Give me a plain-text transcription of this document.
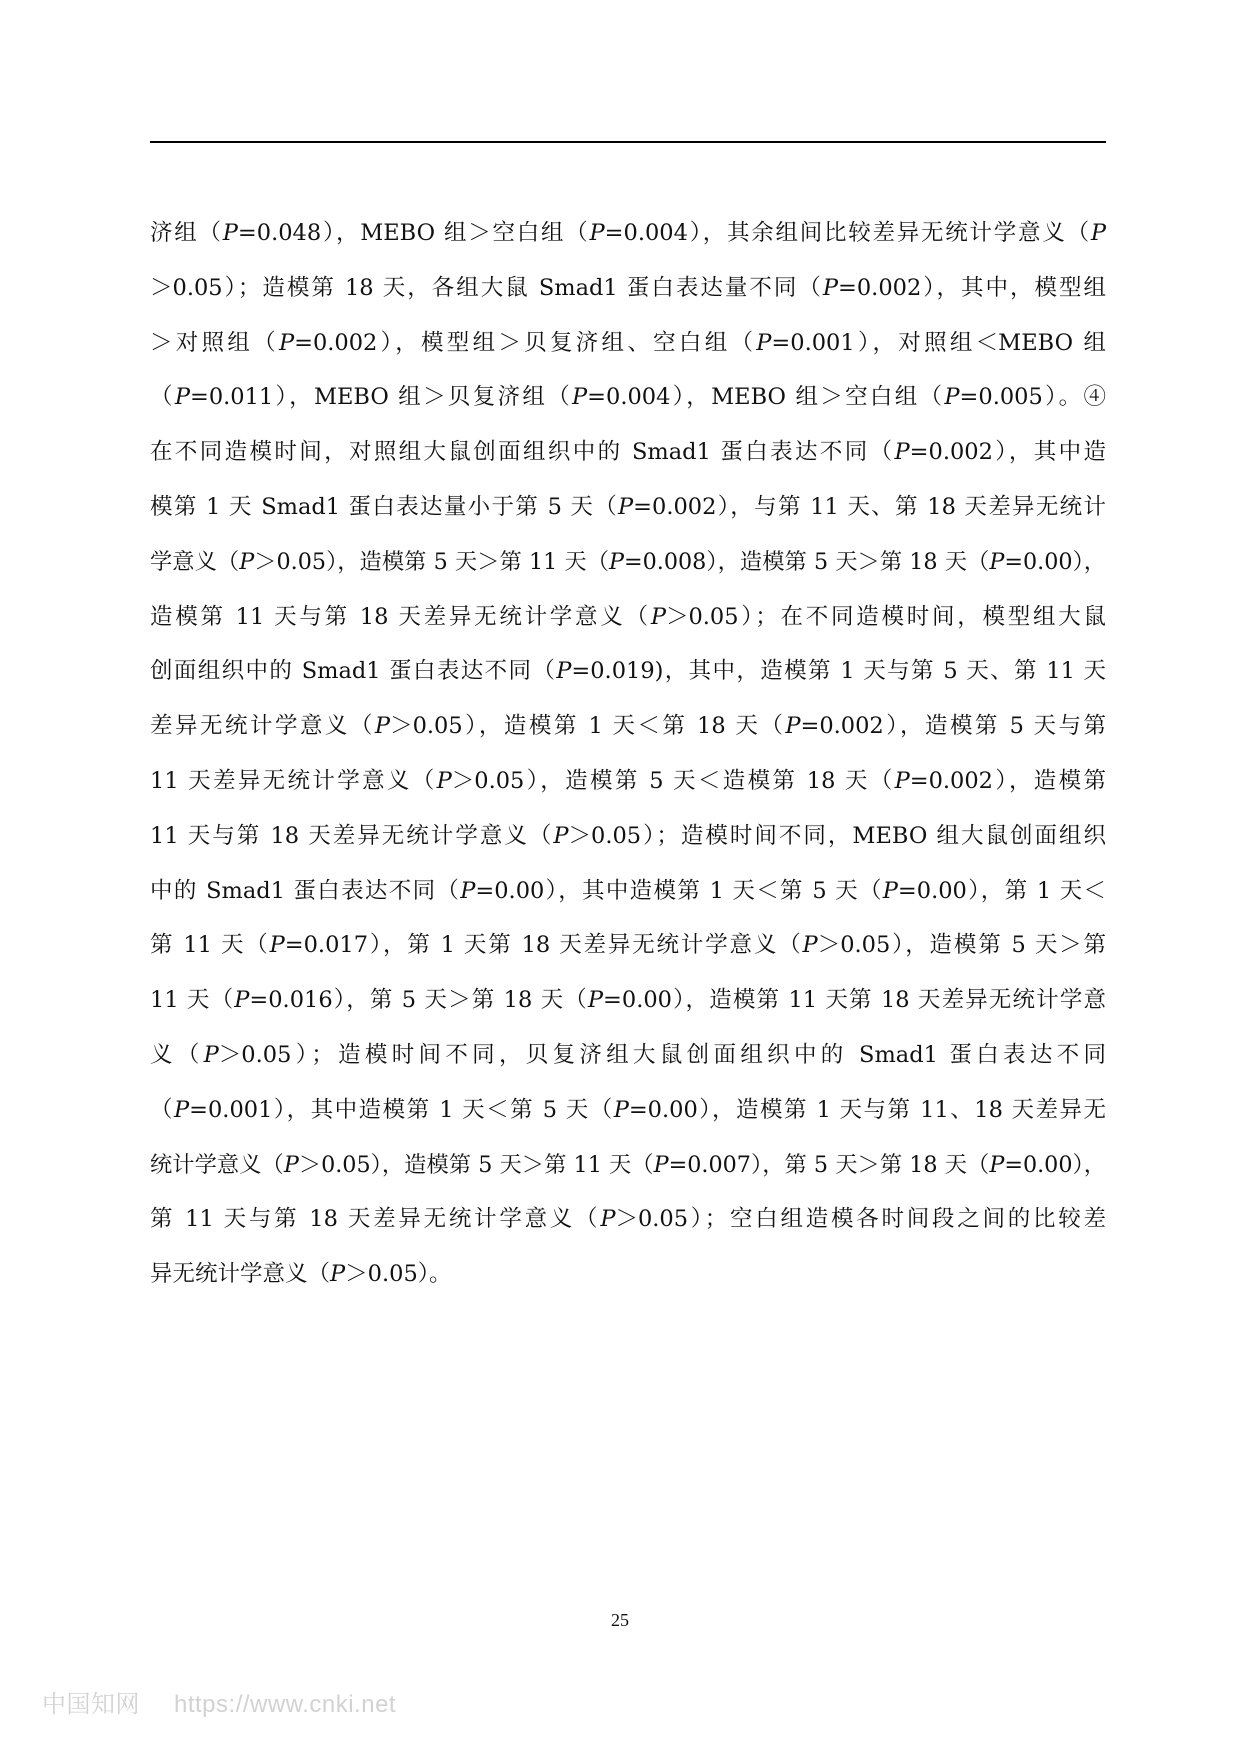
济组（P=0.048），MEBO 组＞空白组（P=0.004），其余组间比较差异无统计学意义（P
＞0.05）；造模第 18 天，各组大鼠 Smad1 蛋白表达量不同（P=0.002），其中，模型组
＞对照组（P=0.002），模型组＞贝复济组、空白组（P=0.001），对照组＜MEBO 组
（P=0.011），MEBO 组＞贝复济组（P=0.004），MEBO 组＞空白组（P=0.005）。④
在不同造模时间，对照组大鼠创面组织中的 Smad1 蛋白表达不同（P=0.002），其中造
模第 1 天 Smad1 蛋白表达量小于第 5 天（P=0.002），与第 11 天、第 18 天差异无统计
学意义（P＞0.05），造模第 5 天＞第 11 天（P=0.008），造模第 5 天＞第 18 天（P=0.00），
造模第 11 天与第 18 天差异无统计学意义（P＞0.05）；在不同造模时间，模型组大鼠
创面组织中的 Smad1 蛋白表达不同（P=0.019)，其中，造模第 1 天与第 5 天、第 11 天
差异无统计学意义（P＞0.05），造模第 1 天＜第 18 天（P=0.002），造模第 5 天与第
11 天差异无统计学意义（P＞0.05），造模第 5 天＜造模第 18 天（P=0.002），造模第
11 天与第 18 天差异无统计学意义（P＞0.05）；造模时间不同，MEBO 组大鼠创面组织
中的 Smad1 蛋白表达不同（P=0.00），其中造模第 1 天＜第 5 天（P=0.00），第 1 天＜
第 11 天（P=0.017），第 1 天第 18 天差异无统计学意义（P＞0.05），造模第 5 天＞第
11 天（P=0.016），第 5 天＞第 18 天（P=0.00），造模第 11 天第 18 天差异无统计学意
义（P＞0.05）；造模时间不同，贝复济组大鼠创面组织中的 Smad1 蛋白表达不同
（P=0.001），其中造模第 1 天＜第 5 天（P=0.00），造模第 1 天与第 11、18 天差异无
统计学意义（P＞0.05），造模第 5 天＞第 11 天（P=0.007），第 5 天＞第 18 天（P=0.00），
第 11 天与第 18 天差异无统计学意义（P＞0.05）；空白组造模各时间段之间的比较差
异无统计学意义（P＞0.05）。
25
中国知网 https://www.cnki.net
